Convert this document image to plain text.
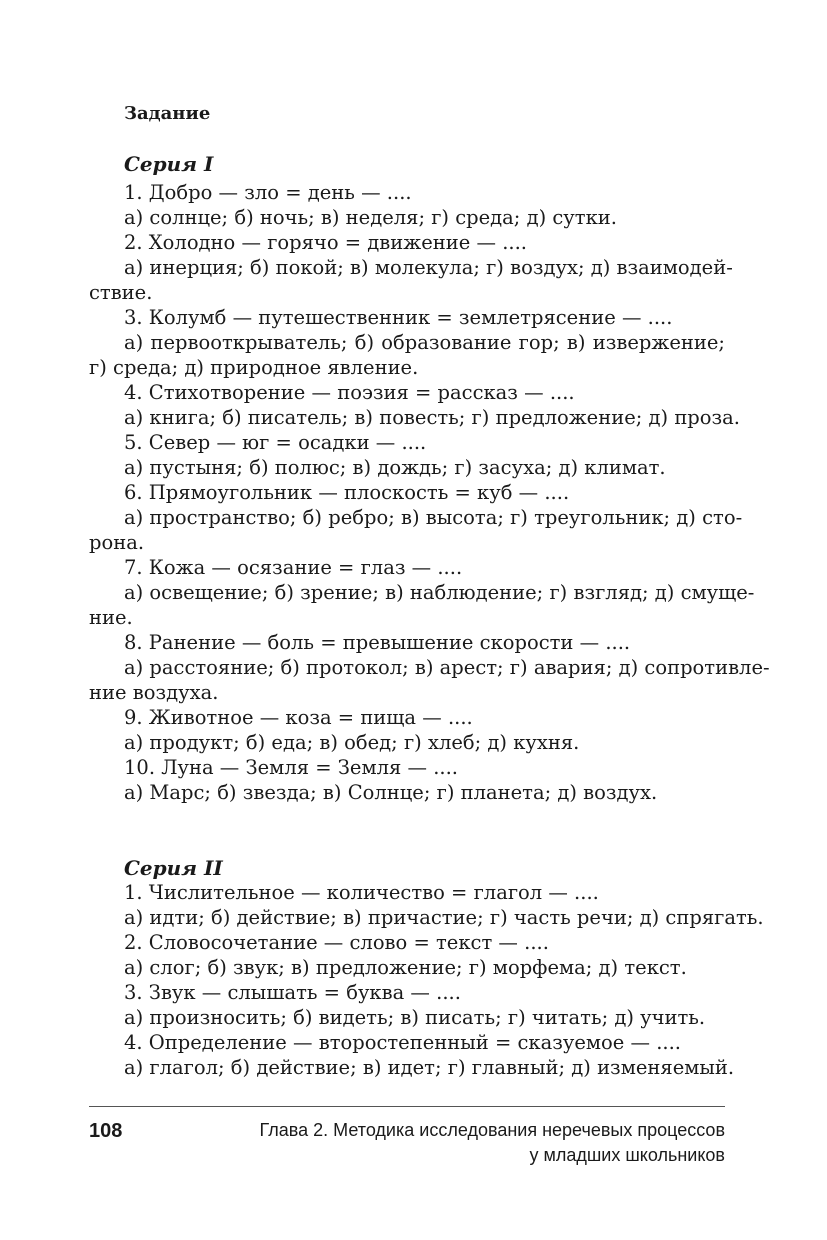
Задание
Серия I
1. Добро — зло = день — ....
а) солнце; б) ночь; в) неделя; г) среда; д) сутки.
2. Холодно — горячо = движение — ....
а) инерция; б) покой; в) молекула; г) воздух; д) взаимодей-
ствие.
3. Колумб — путешественник = землетрясение — ....
а) первооткрыватель; б) образование гор; в) извержение;
г) среда; д) природное явление.
4. Стихотворение — поэзия = рассказ — ....
а) книга; б) писатель; в) повесть; г) предложение; д) проза.
5. Север — юг = осадки — ....
а) пустыня; б) полюс; в) дождь; г) засуха; д) климат.
6. Прямоугольник — плоскость = куб — ....
а) пространство; б) ребро; в) высота; г) треугольник; д) сто-
рона.
7. Кожа — осязание = глаз — ....
а) освещение; б) зрение; в) наблюдение; г) взгляд; д) смуще-
ние.
8. Ранение — боль = превышение скорости — ....
а) расстояние; б) протокол; в) арест; г) авария; д) сопротивле-
ние воздуха.
9. Животное — коза = пища — ....
а) продукт; б) еда; в) обед; г) хлеб; д) кухня.
10. Луна — Земля = Земля — ....
а) Марс; б) звезда; в) Солнце; г) планета; д) воздух.
Серия II
1. Числительное — количество = глагол — ....
а) идти; б) действие; в) причастие; г) часть речи; д) спрягать.
2. Словосочетание — слово = текст — ....
а) слог; б) звук; в) предложение; г) морфема; д) текст.
3. Звук — слышать = буква — ....
а) произносить; б) видеть; в) писать; г) читать; д) учить.
4. Определение — второстепенный = сказуемое — ....
а) глагол; б) действие; в) идет; г) главный; д) изменяемый.
108	Глава 2. Методика исследования неречевых процессов
у младших школьников
